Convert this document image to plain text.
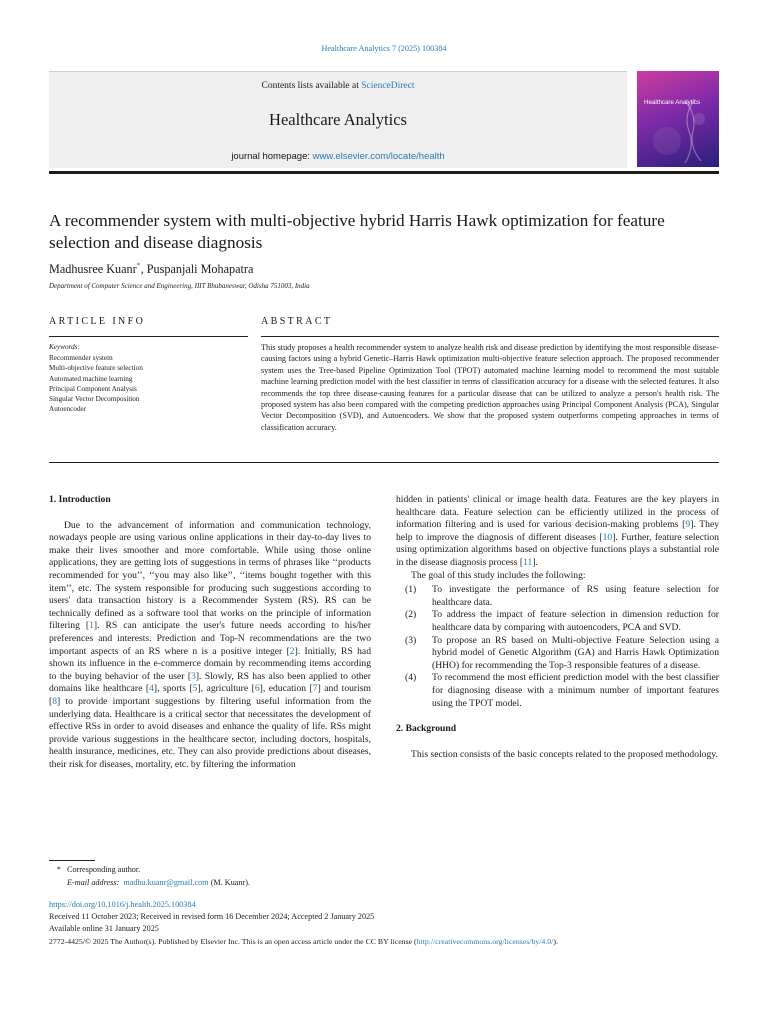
Healthcare Analytics 7 (2025) 100384
Contents lists available at ScienceDirect
Healthcare Analytics
journal homepage: www.elsevier.com/locate/health
Healthcare Analytics
A recommender system with multi-objective hybrid Harris Hawk optimization for feature selection and disease diagnosis
Madhusree Kuanr*, Puspanjali Mohapatra
Department of Computer Science and Engineering, IIIT Bhubaneswar, Odisha 751003, India
ARTICLE INFO
Keywords:
Recommender system
Multi-objective feature selection
Automated machine learning
Principal Component Analysis
Singular Vector Decomposition
Autoencoder
ABSTRACT

This study proposes a health recommender system to analyze health risk and disease prediction by identifying the most responsible disease-causing factors using a hybrid Genetic–Harris Hawk optimization multi-objective feature selection approach. The proposed recommender system uses the Tree-based Pipeline Optimization Tool (TPOT) automated machine learning model to recommend the most suitable machine learning prediction model with the best classifier in terms of classification accuracy for a disease with the selected features. It also recommends the top three disease-causing features for a particular disease that can be utilized to analyze a person's health risk. The proposed system has also been compared with the competing prediction approaches using Principal Component Analysis (PCA), Singular Vector Decomposition (SVD), and Autoencoders. We show that the proposed system outperforms competing approaches in terms of classification accuracy.

1. Introduction

Due to the advancement of information and communication technology, nowadays people are using various online applications in their day-to-day lives to make their lives smoother and more comfortable. While using those online applications, they are getting lots of suggestions in terms of phrases like ‘‘products recommended for you’’, ‘‘you may also like’’, ‘‘items bought together with this item’’, etc. The system responsible for producing such suggestions according to users' data transaction history is a Recommender System (RS). RS can be technically defined as a software tool that works on the principle of information filtering [1]. RS can anticipate the user's future needs according to his/her preferences and interests. Prediction and Top-N recommendations are the two important aspects of an RS where n is a positive integer [2]. Initially, RS had shown its influence in the e-commerce domain by recommending items according to the buying behavior of the user [3]. Slowly, RS has also been applied to other domains like healthcare [4], sports [5], agriculture [6], education [7] and tourism [8] to provide important suggestions by filtering useful information from the underlying data. Healthcare is a critical sector that necessitates the development of effective RSs in order to avoid diseases and enhance the quality of life. RSs might provide various suggestions in the healthcare sector, including doctors, hospitals, health insurance, medicines, etc. They can also provide predictions about diseases, their risk for diseases, mortality, etc. by filtering the information

hidden in patients' clinical or image health data. Features are the key players in healthcare data. Feature selection can be efficiently utilized in the process of information filtering and is used for various decision-making problems [9]. They help to improve the diagnosis of different diseases [10]. Further, feature selection using optimization algorithms based on objective functions plays a substantial role in the disease diagnosis process [11].

The goal of this study includes the following:

(1) To investigate the performance of RS using feature selection for healthcare data.
(2) To address the impact of feature selection in dimension reduction for healthcare data by comparing with autoencoders, PCA and SVD.
(3) To propose an RS based on Multi-objective Feature Selection using a hybrid model of Genetic Algorithm (GA) and Harris Hawk Optimization (HHO) for recommending the Top-3 responsible features of a disease.
(4) To recommend the most efficient prediction model with the best classifier for diagnosing disease with a minimum number of important features using the TPOT model.
2. Background

This section consists of the basic concepts related to the proposed methodology.

* Corresponding author.
E-mail address: madhu.kuanr@gmail.com (M. Kuanr).
https://doi.org/10.1016/j.health.2025.100384
Received 11 October 2023; Received in revised form 16 December 2024; Accepted 2 January 2025
Available online 31 January 2025
2772-4425/© 2025 The Author(s). Published by Elsevier Inc. This is an open access article under the CC BY license (http://creativecommons.org/licenses/by/4.0/).
